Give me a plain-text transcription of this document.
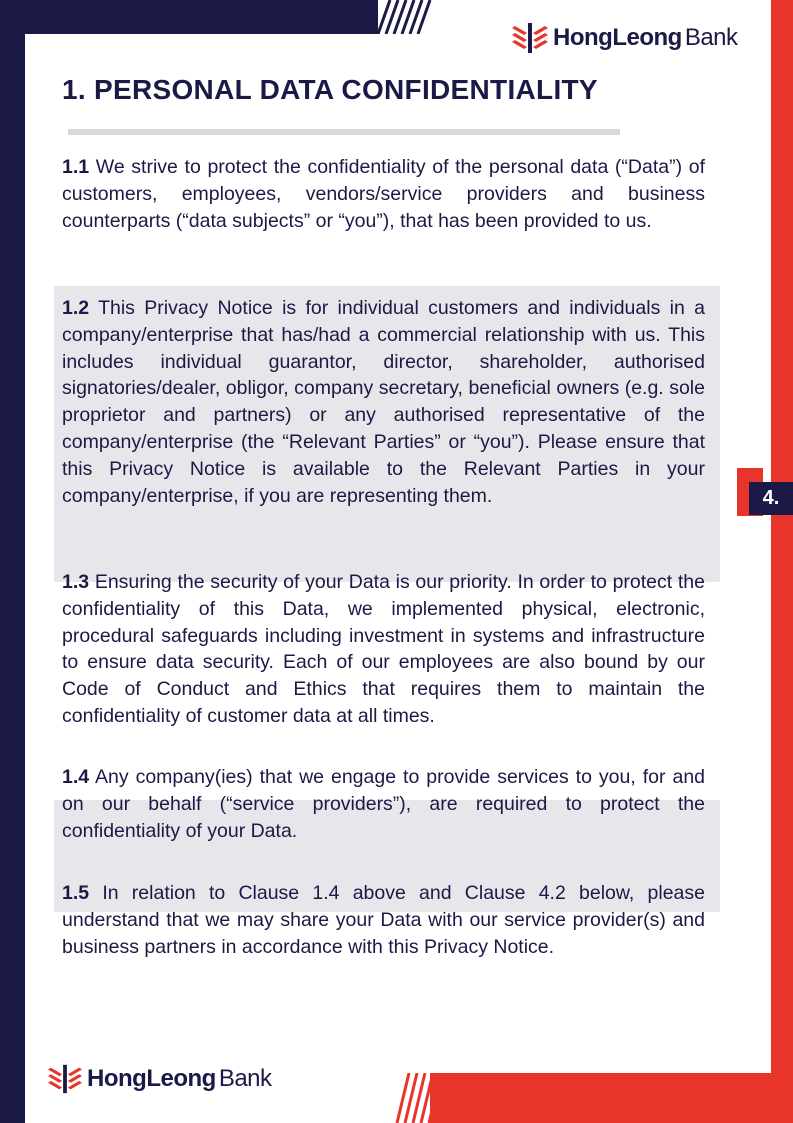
HongLeong Bank
1. PERSONAL DATA CONFIDENTIALITY

1.1 We strive to protect the confidentiality of the personal data (“Data”) of customers, employees, vendors/service providers and business counterparts (“data subjects” or “you”), that has been provided to us.

1.2 This Privacy Notice is for individual customers and individuals in a company/enterprise that has/had a commercial relationship with us. This includes individual guarantor, director, shareholder, authorised signatories/dealer, obligor, company secretary, beneficial owners (e.g. sole proprietor and partners) or any authorised representative of the company/enterprise (the “Relevant Parties” or “you”). Please ensure that this Privacy Notice is available to the Relevant Parties in your company/enterprise, if you are representing them.

1.3 Ensuring the security of your Data is our priority. In order to protect the confidentiality of this Data, we implemented physical, electronic, procedural safeguards including investment in systems and infrastructure to ensure data security. Each of our employees are also bound by our Code of Conduct and Ethics that requires them to maintain the confidentiality of customer data at all times.

1.4 Any company(ies) that we engage to provide services to you, for and on our behalf (“service providers”), are required to protect the confidentiality of your Data.

1.5 In relation to Clause 1.4 above and Clause 4.2 below, please understand that we may share your Data with our service provider(s) and business partners in accordance with this Privacy Notice.

4.
HongLeong Bank
